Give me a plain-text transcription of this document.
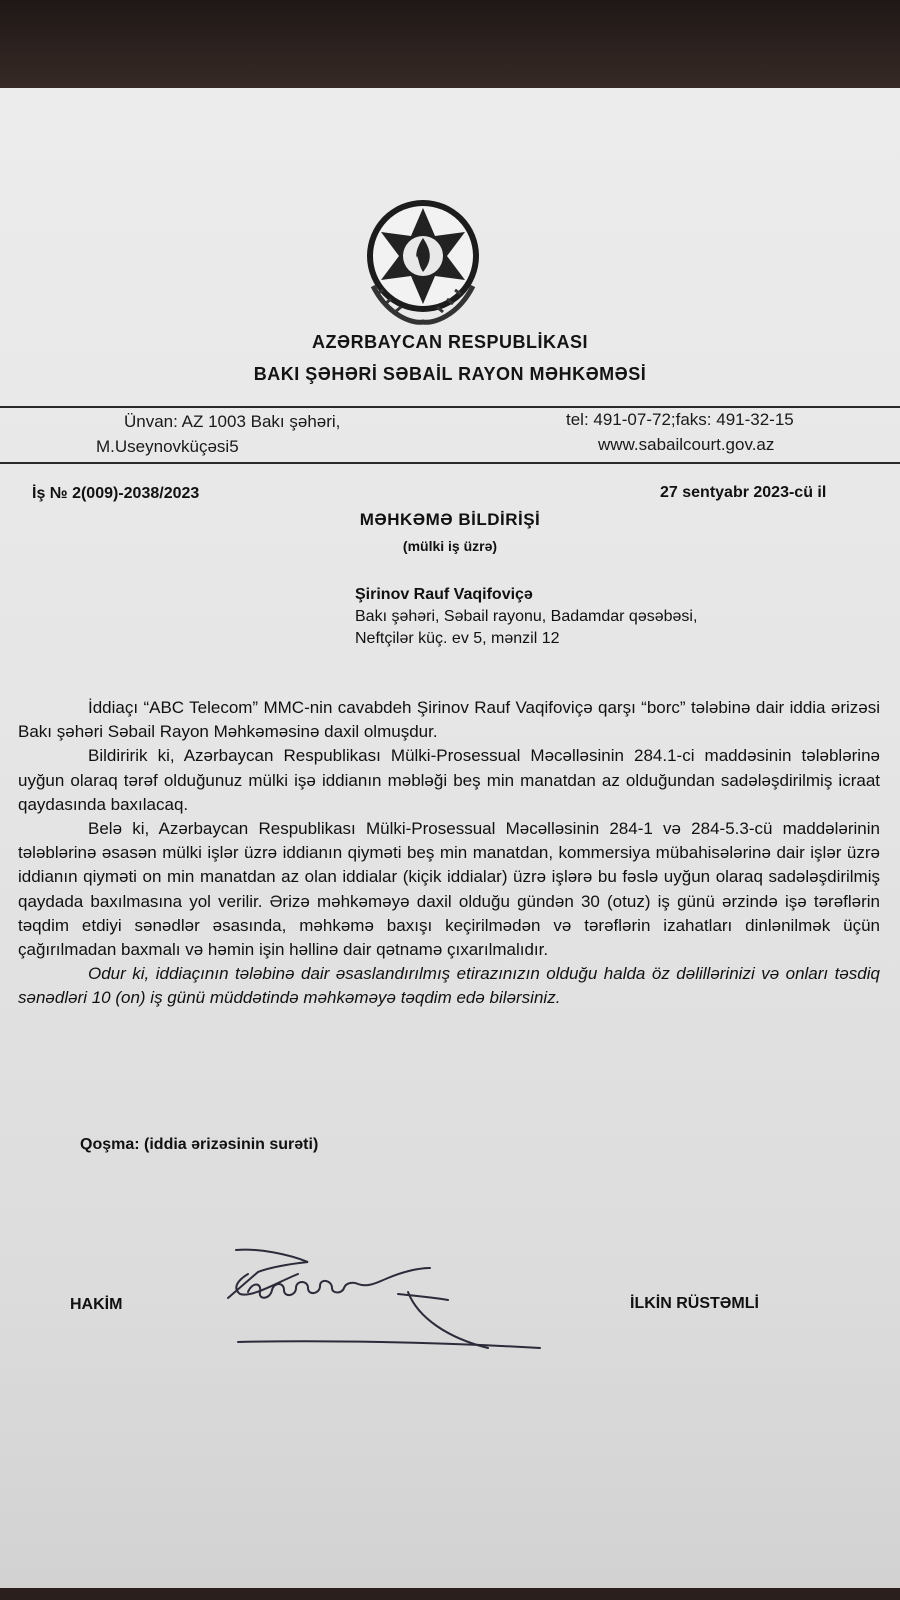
AZƏRBAYCAN RESPUBLİKASI
BAKI ŞƏHƏRİ SƏBAİL RAYON MƏHKƏMƏSİ
Ünvan: AZ 1003 Bakı şəhəri,
M.Useynovküçəsi5
tel: 491-07-72;faks: 491-32-15
www.sabailcourt.gov.az
İş № 2(009)-2038/2023	27 sentyabr 2023-cü il
MƏHKƏMƏ BİLDİRİŞİ
(mülki iş üzrə)
Şirinov Rauf Vaqifoviçə
Bakı şəhəri, Səbail rayonu, Badamdar qəsəbəsi,
Neftçilər küç. ev 5, mənzil 12

İddiaçı “ABC Telecom” MMC-nin cavabdeh Şirinov Rauf Vaqifoviçə qarşı “borc” tələbinə dair iddia ərizəsi Bakı şəhəri Səbail Rayon Məhkəməsinə daxil olmuşdur.

Bildiririk ki, Azərbaycan Respublikası Mülki-Prosessual Məcəlləsinin 284.1-ci maddəsinin tələblərinə uyğun olaraq tərəf olduğunuz mülki işə iddianın məbləği beş min manatdan az olduğundan sadələşdirilmiş icraat qaydasında baxılacaq.

Belə ki, Azərbaycan Respublikası Mülki-Prosessual Məcəlləsinin 284-1 və 284-5.3-cü maddələrinin tələblərinə əsasən mülki işlər üzrə iddianın qiyməti beş min manatdan, kommersiya mübahisələrinə dair işlər üzrə iddianın qiyməti on min manatdan az olan iddialar (kiçik iddialar) üzrə işlərə bu fəslə uyğun olaraq sadələşdirilmiş qaydada baxılmasına yol verilir. Ərizə məhkəməyə daxil olduğu gündən 30 (otuz) iş günü ərzində işə tərəflərin təqdim etdiyi sənədlər əsasında, məhkəmə baxışı keçirilmədən və tərəflərin izahatları dinlənilmək üçün çağırılmadan baxmalı və həmin işin həllinə dair qətnamə çıxarılmalıdır.

Odur ki, iddiaçının tələbinə dair əsaslandırılmış etirazınızın olduğu halda öz dəlillərinizi və onları təsdiq sənədləri 10 (on) iş günü müddətində məhkəməyə təqdim edə bilərsiniz.

Qoşma: (iddia ərizəsinin surəti)
HAKİM	İLKİN RÜSTƏMLİ
